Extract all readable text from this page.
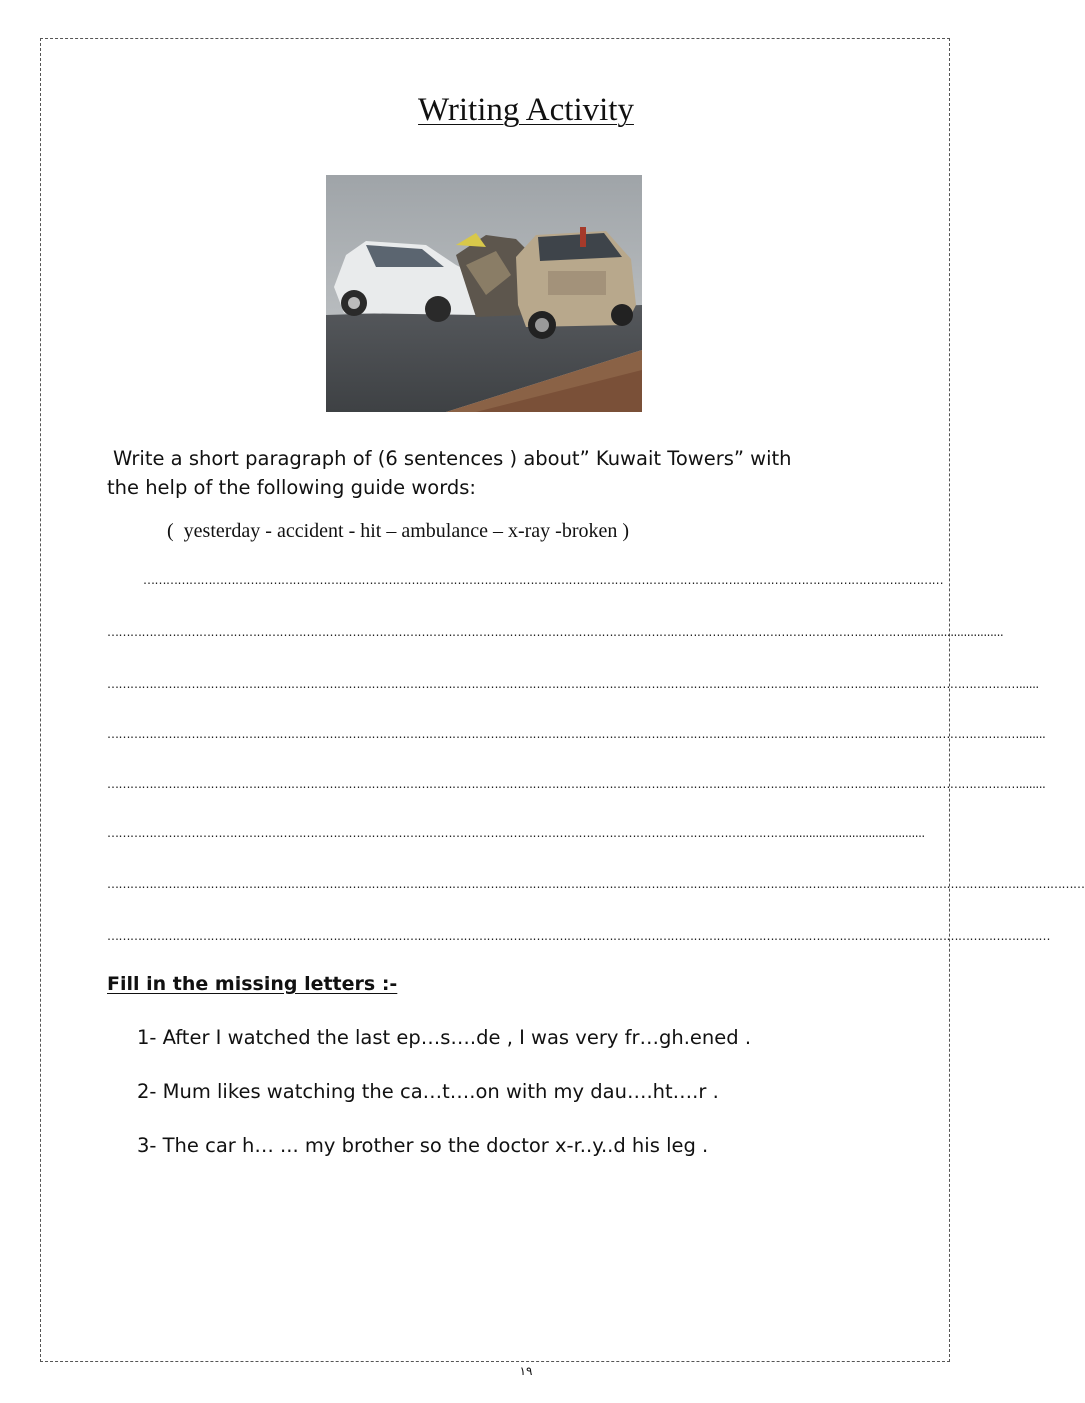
Writing Activity

Write a short paragraph of (6 sentences ) about” Kuwait Towers” with
the help of the following guide words:

(  yesterday - accident - hit – ambulance – x-ray -broken )

…………………………………………………………………………………………………………………………………..……………………………………………………
………………………………………………………………………………………………………………………………….……………………………………………………..............................
…………………………………………………………………………………………………………………………………………………………….……………………………………………………......
…………………………………………………………………………………………………………………………………………………………….……………………………………………………........
…………………………………………………………………………………………………………………………………………………………….……………………………………………………........
……………………………………………………………………………………………………………………………………………………………..........................................
…………………………………………………………………………………………………………………………………………………………………………………………………………………………………
…………………………………………………………………………………………………………………………………………………………………………………………………………………………
Fill in the missing letters :-

1- After I watched the last ep…s….de , I was very fr…gh.ened .

2- Mum likes watching the ca…t….on with my dau….ht….r .

3- The car h… ... my brother so the doctor x-r..y..d his leg .

١٩
